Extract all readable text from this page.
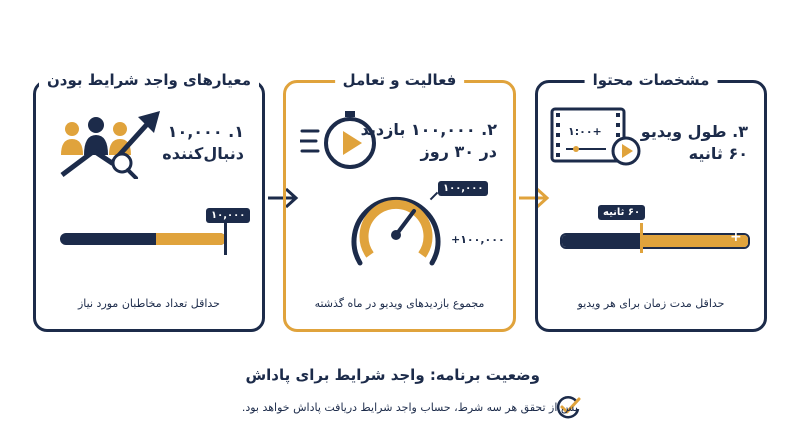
معیارهای واجد شرایط بودن
۱. ۱۰,۰۰۰
دنبال‌کننده
۱۰,۰۰۰
حداقل تعداد مخاطبان مورد نیاز
فعالیت و تعامل
۲. ۱۰۰,۰۰۰ بازدید
در ۳۰ روز
۱۰۰,۰۰۰
+۱۰۰,۰۰۰
مجموع بازدیدهای ویدیو در ماه گذشته
مشخصات محتوا
۱:۰۰+ ۳. طول ویدیو
۶۰ ثانیه
۶۰ ثانیه
+
حداقل مدت زمان برای هر ویدیو
وضعیت برنامه: واجد شرایط برای پاداش
پس از تحقق هر سه شرط، حساب واجد شرایط دریافت پاداش خواهد بود.
